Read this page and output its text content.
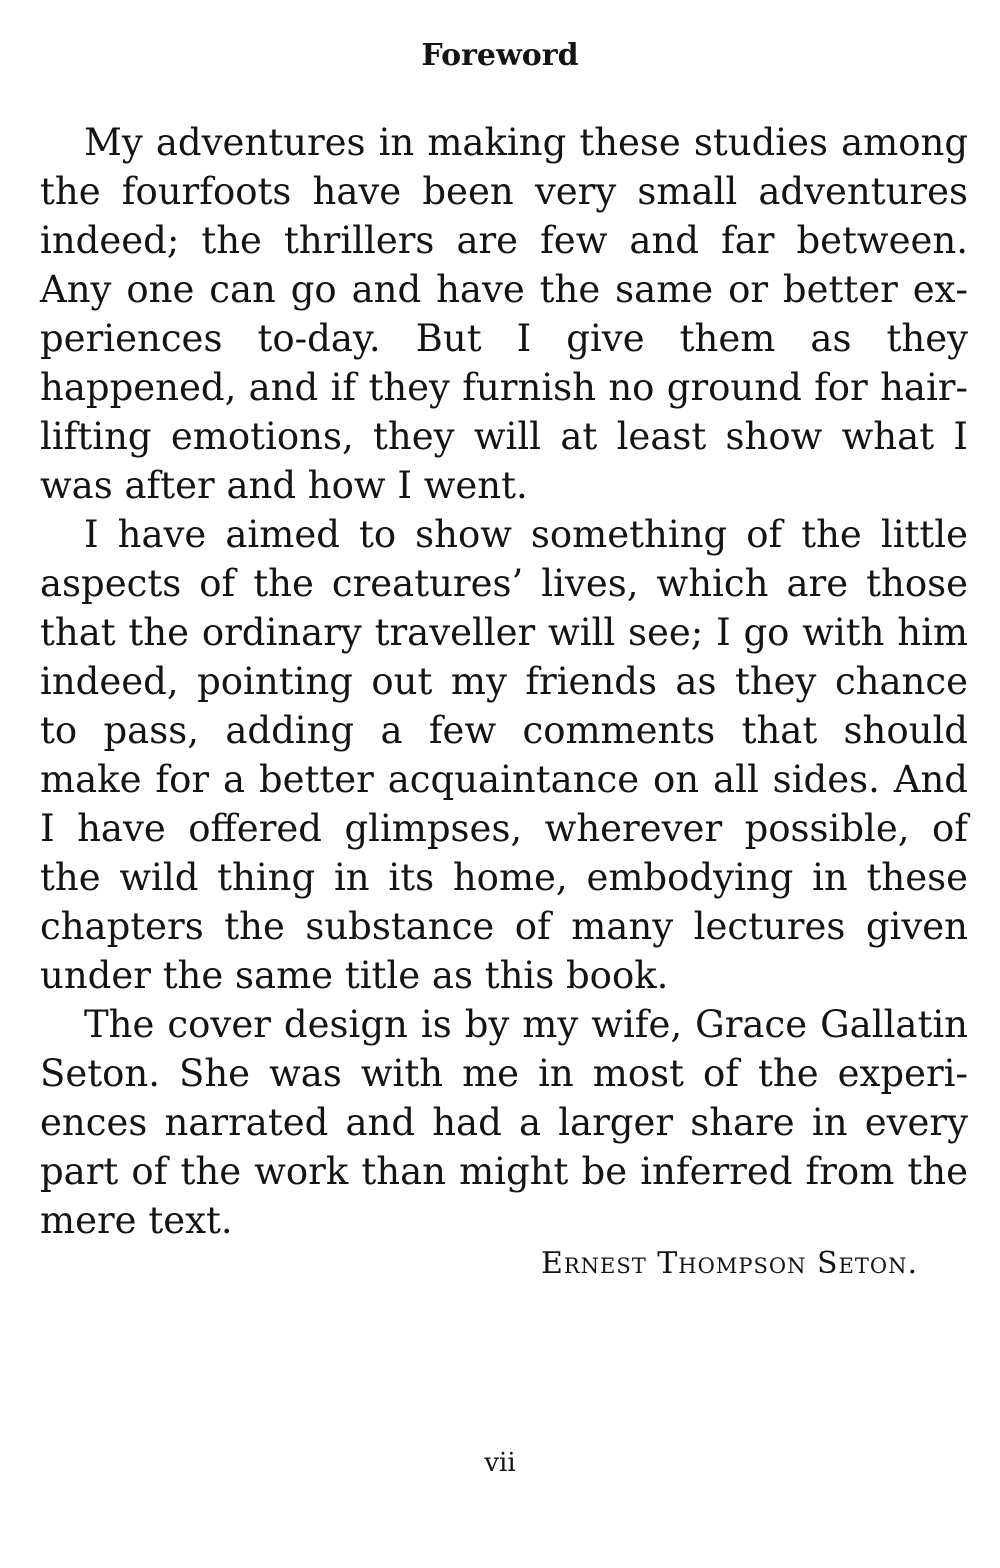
Foreword

My adventures in making these studies among the fourfoots have been very small adventures indeed; the thrillers are few and far between. Any one can go and have the same or better experiences to-day. But I give them as they happened, and if they furnish no ground for hair-lifting emotions, they will at least show what I was after and how I went.

I have aimed to show something of the little aspects of the creatures’ lives, which are those that the ordinary traveller will see; I go with him indeed, pointing out my friends as they chance to pass, adding a few comments that should make for a better acquaintance on all sides. And I have offered glimpses, wherever possible, of the wild thing in its home, embodying in these chapters the substance of many lectures given under the same title as this book.

The cover design is by my wife, Grace Gallatin Seton. She was with me in most of the experiences narrated and had a larger share in every part of the work than might be inferred from the mere text.

Ernest Thompson Seton.
vii
